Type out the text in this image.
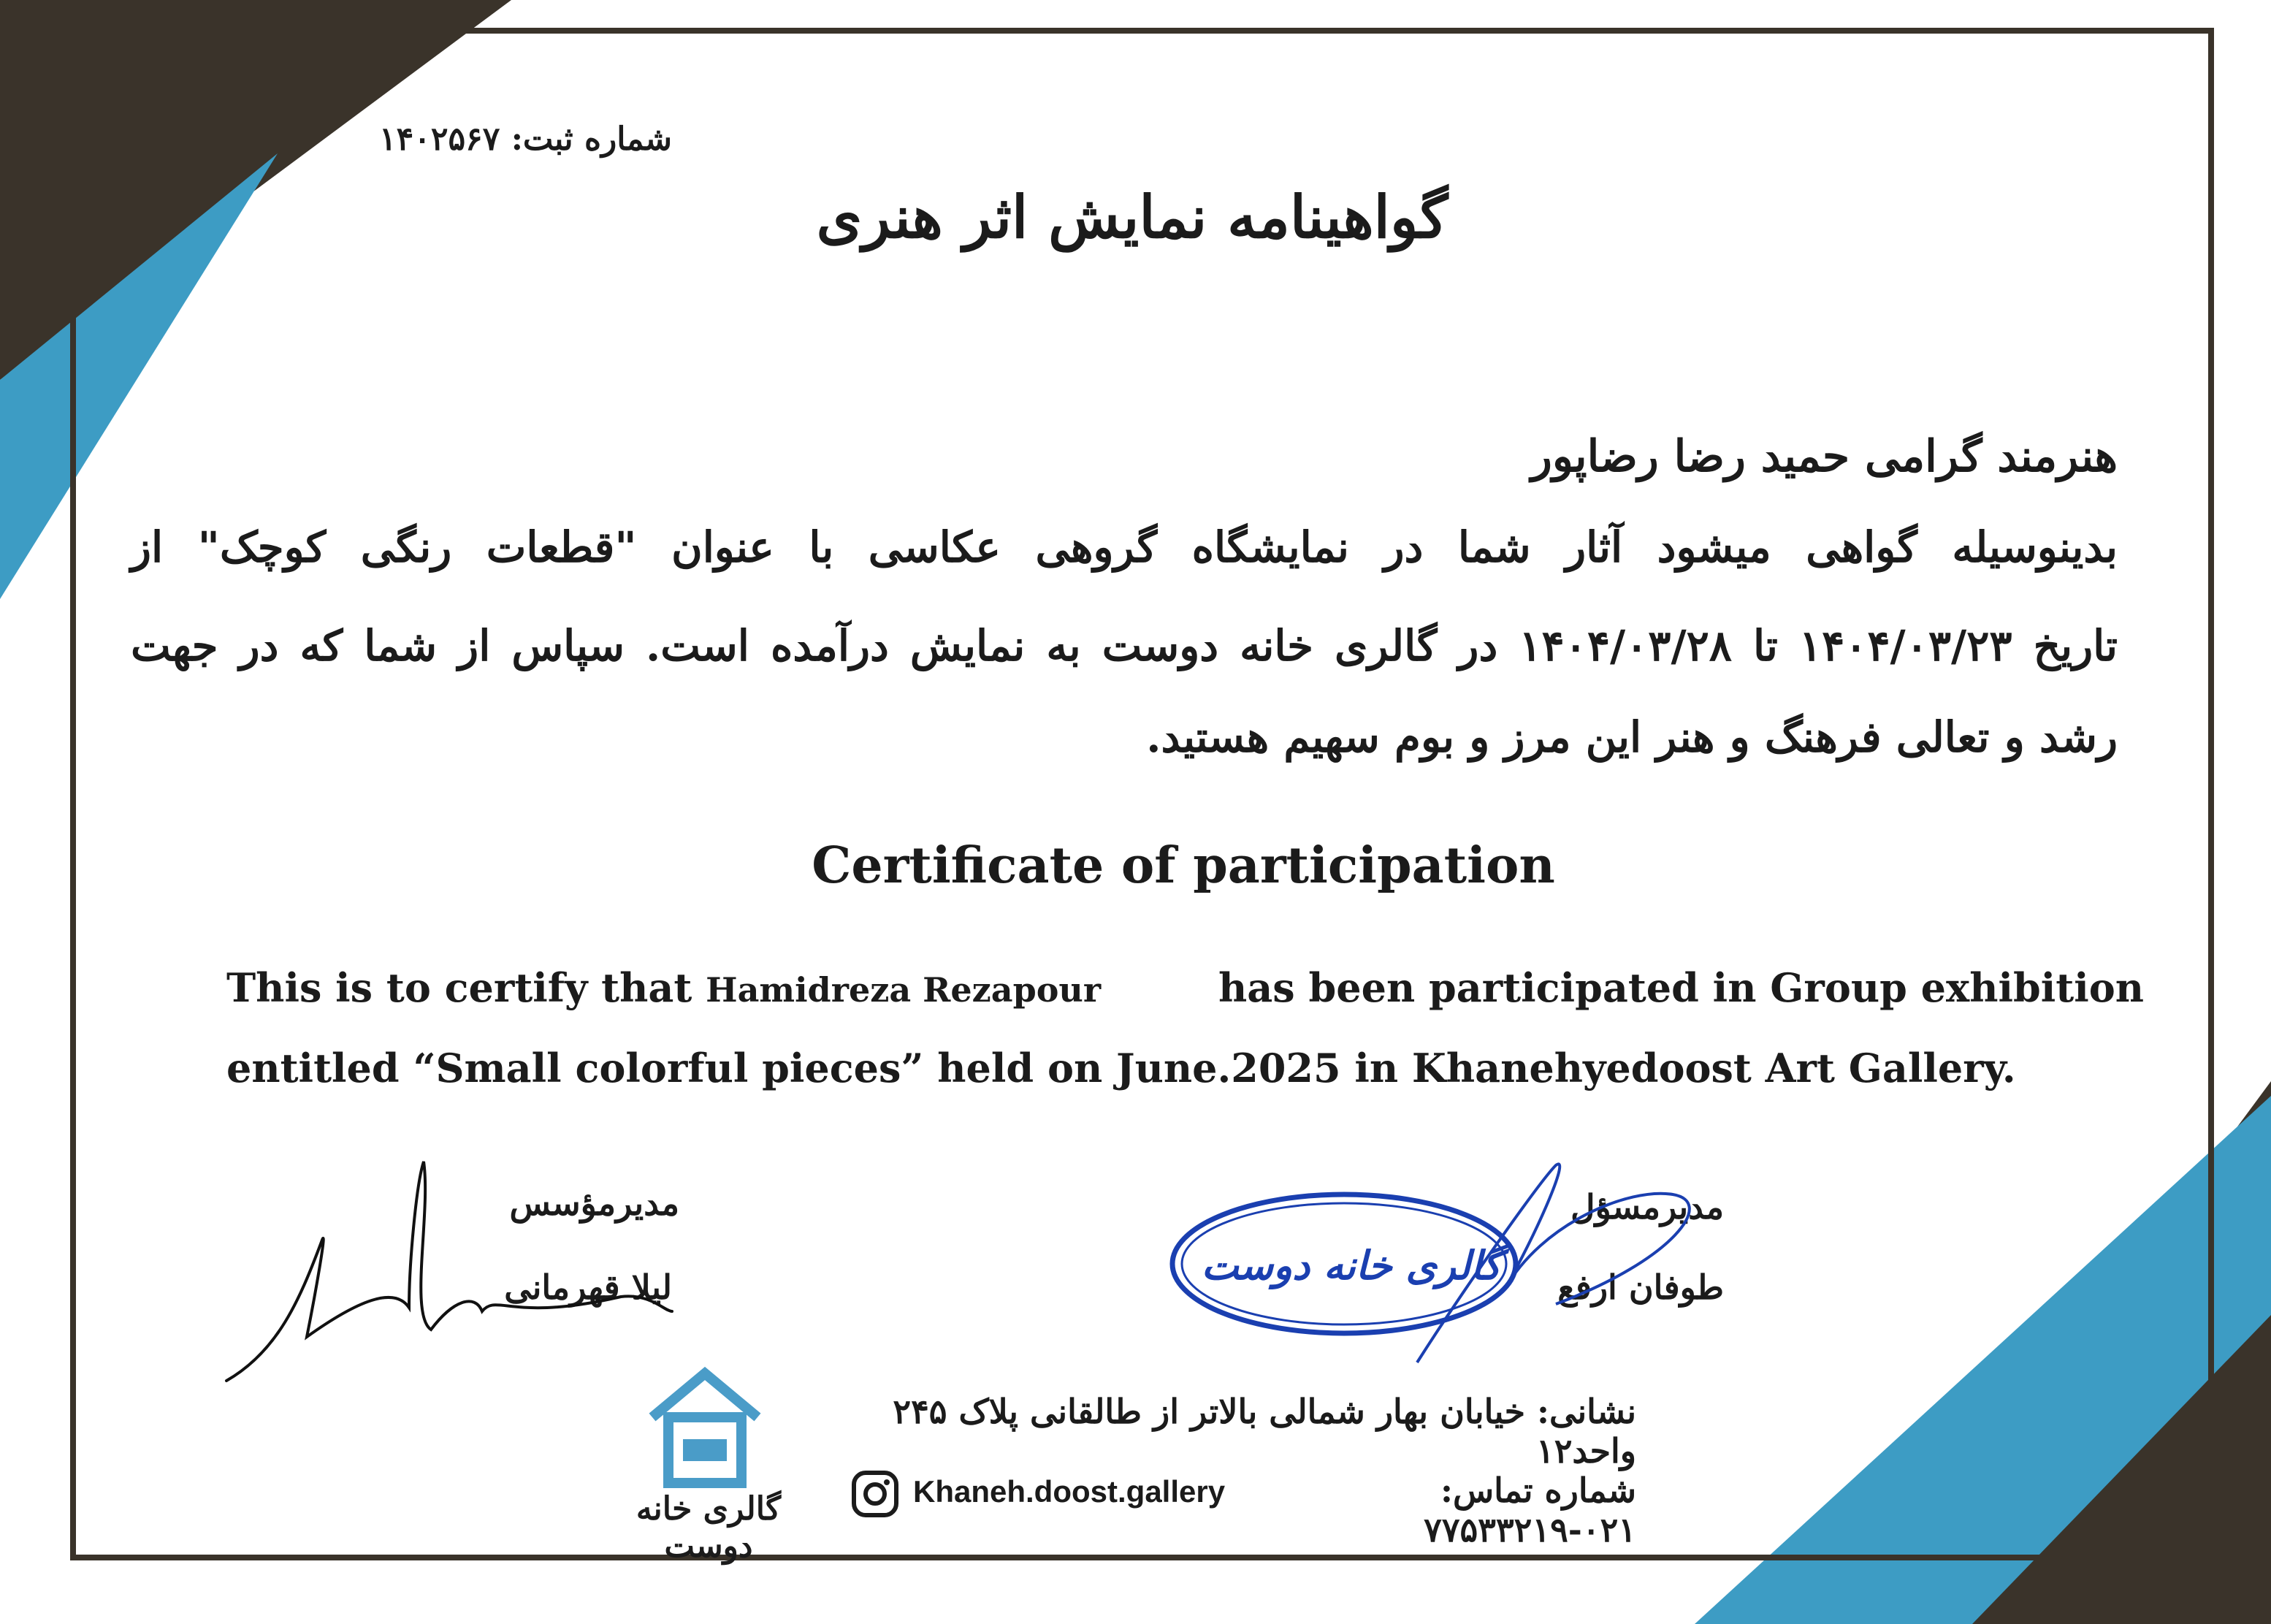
شماره ثبت: ۱۴۰۲۵۶۷
گواهینامه نمایش اثر هنری
هنرمند گرامی حمید رضا رضاپور
بدینوسیله گواهی میشود آثار شما در نمایشگاه گروهی عکاسی با عنوان "قطعات رنگی کوچک" از
تاریخ ۱۴۰۴/۰۳/۲۳ تا ۱۴۰۴/۰۳/۲۸ در گالری خانه دوست به نمایش درآمده است. سپاس از شما که در جهت
رشد و تعالی فرهنگ و هنر این مرز و بوم سهیم هستید.
Certificate of participation
This is to certify that Hamidreza Rezapour	has been participated in Group exhibition
entitled “Small colorful pieces” held on June.2025 in Khanehyedoost Art Gallery.
مدیرمؤسس
لیلا قهرمانی
مدیرمسؤل
طوفان ارفع
گالری خانه دوست
گالری خانه دوست
نشانی: خیابان بهار شمالی بالاتر از طالقانی پلاک ۲۴۵ واحد۱۲
شماره تماس: ۰۲۱-۷۷۵۳۳۲۱۹
Khaneh.doost.gallery
